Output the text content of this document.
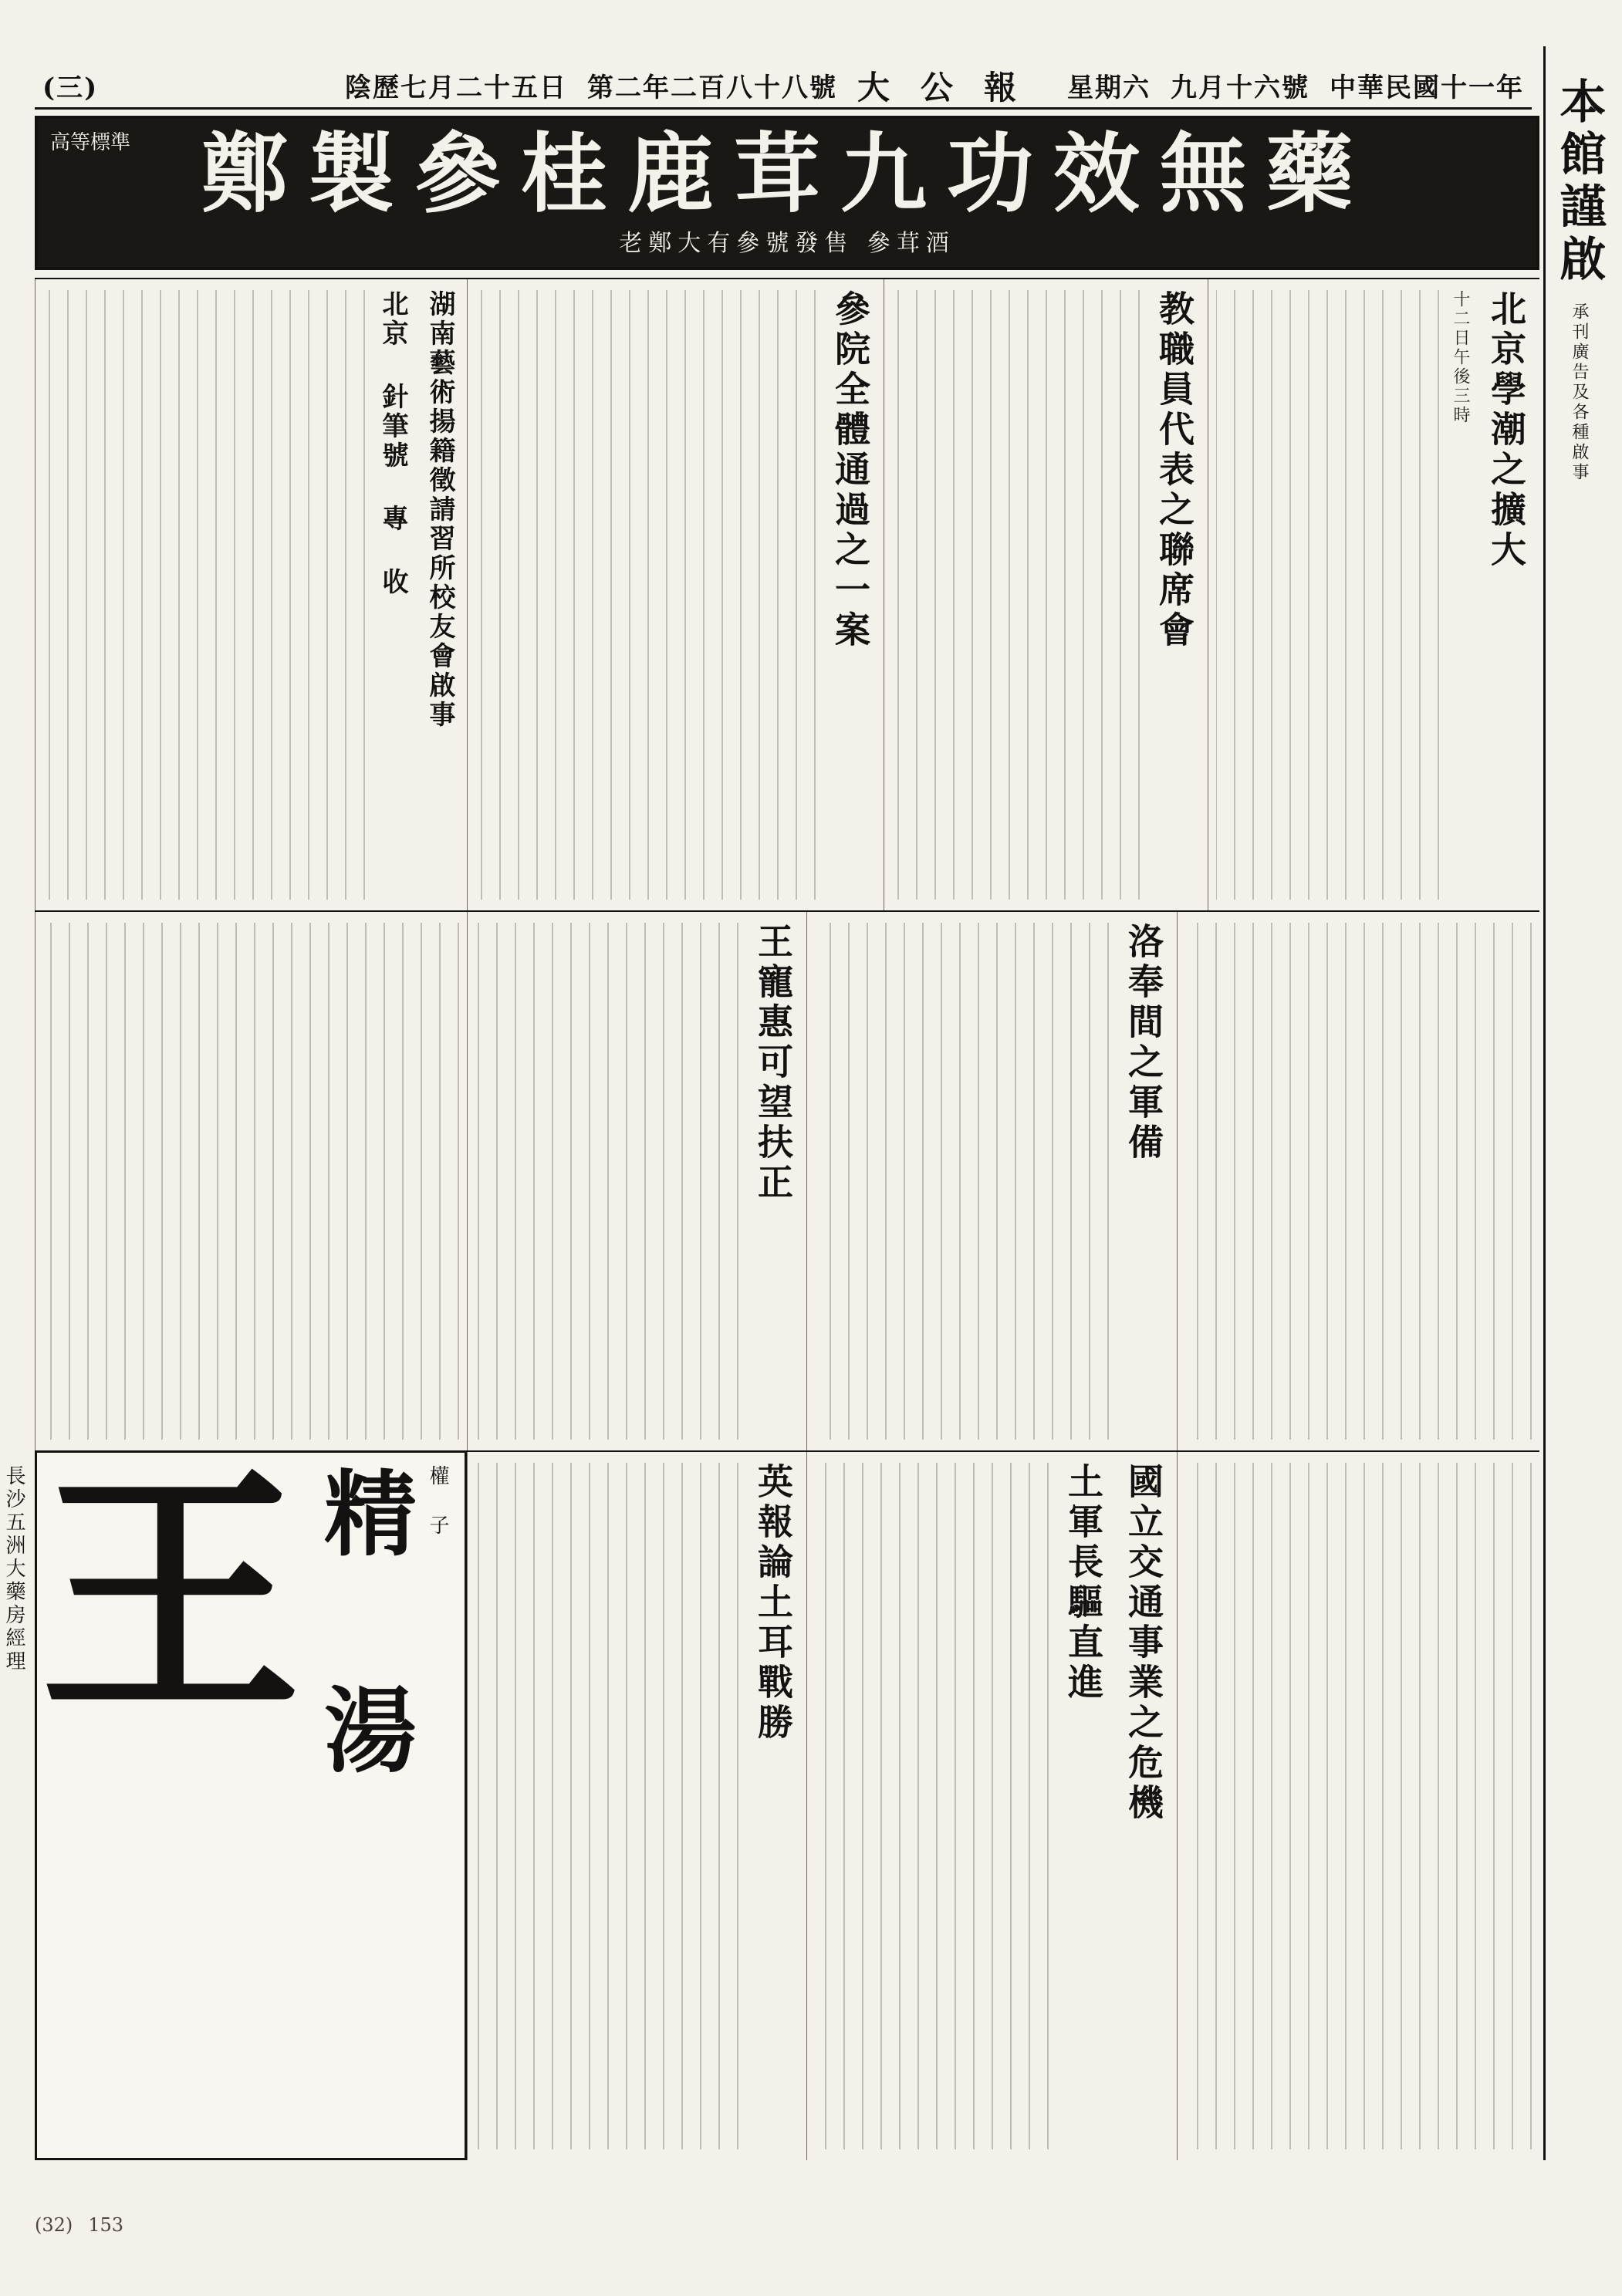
中華民國十一年
九月十六號
星期六
大公報
第二年二百八十八號
陰歷七月二十五日
(三)
高等標準	藥
無
效
功
九
茸
鹿
桂
參
製
鄭
老鄭大有參號發售 參茸酒	本館謹啟
承刊廣告及各種啟事
北京學潮之擴大
十二日午後三時
教職員代表之聯席會
參院全體通過之一案
湖南藝術揚籍徵請習所校友會啟事
北京 針筆號 專 收
洛奉間之軍備
王寵惠可望扶正
國立交通事業之危機
土軍長驅直進
英報論土耳戰勝
權 子
精 湯
王
長沙五洲大藥房經理
(32) 153
